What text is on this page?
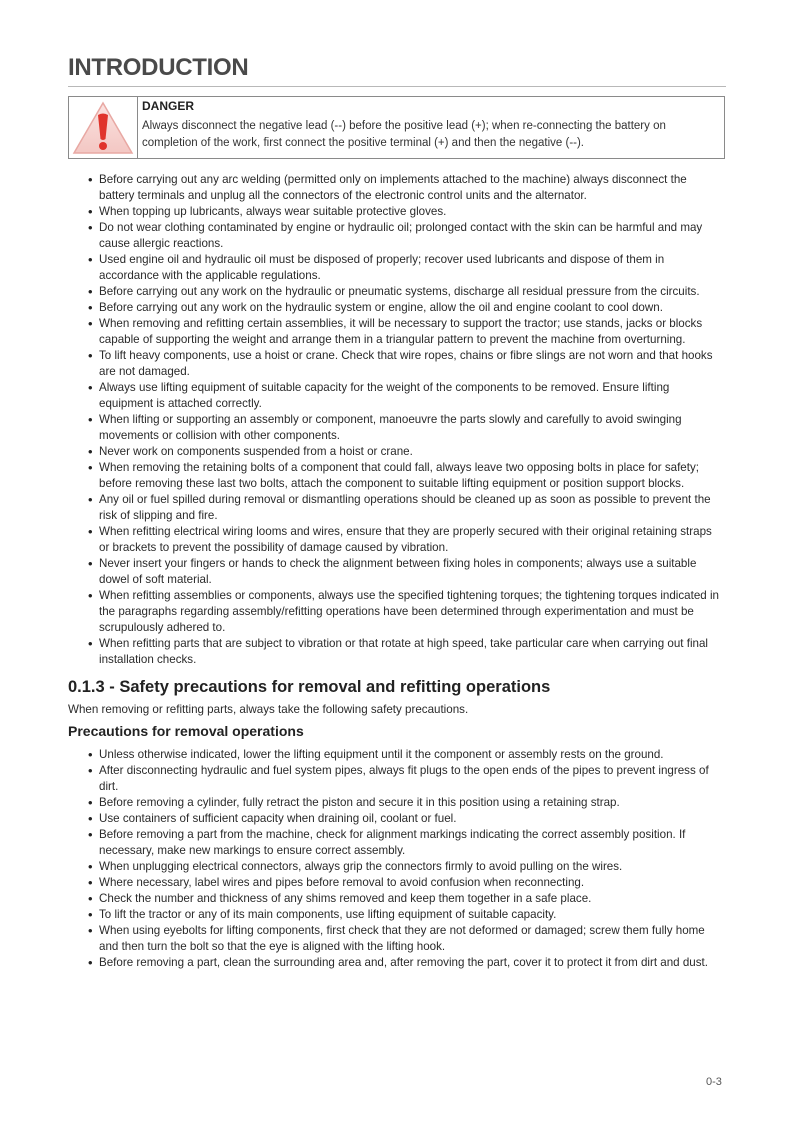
INTRODUCTION

DANGER

Always disconnect the negative lead (--) before the positive lead (+); when re-connecting the battery on completion of the work, first connect the positive terminal (+) and then the negative (--).

• Before carrying out any arc welding (permitted only on implements attached to the machine) always disconnect the battery terminals and unplug all the connectors of the electronic control units and the alternator.
• When topping up lubricants, always wear suitable protective gloves.
• Do not wear clothing contaminated by engine or hydraulic oil; prolonged contact with the skin can be harmful and may cause allergic reactions.
• Used engine oil and hydraulic oil must be disposed of properly; recover used lubricants and dispose of them in accordance with the applicable regulations.
• Before carrying out any work on the hydraulic or pneumatic systems, discharge all residual pressure from the circuits.
• Before carrying out any work on the hydraulic system or engine, allow the oil and engine coolant to cool down.
• When removing and refitting certain assemblies, it will be necessary to support the tractor; use stands, jacks or blocks capable of supporting the weight and arrange them in a triangular pattern to prevent the machine from overturning.
• To lift heavy components, use a hoist or crane. Check that wire ropes, chains or fibre slings are not worn and that hooks are not damaged.
• Always use lifting equipment of suitable capacity for the weight of the components to be removed. Ensure lifting equipment is attached correctly.
• When lifting or supporting an assembly or component, manoeuvre the parts slowly and carefully to avoid swinging movements or collision with other components.
• Never work on components suspended from a hoist or crane.
• When removing the retaining bolts of a component that could fall, always leave two opposing bolts in place for safety; before removing these last two bolts, attach the component to suitable lifting equipment or position support blocks.
• Any oil or fuel spilled during removal or dismantling operations should be cleaned up as soon as possible to prevent the risk of slipping and fire.
• When refitting electrical wiring looms and wires, ensure that they are properly secured with their original retaining straps or brackets to prevent the possibility of damage caused by vibration.
• Never insert your fingers or hands to check the alignment between fixing holes in components; always use a suitable dowel of soft material.
• When refitting assemblies or components, always use the specified tightening torques; the tightening torques indicated in the paragraphs regarding assembly/refitting operations have been determined through experimentation and must be scrupulously adhered to.
• When refitting parts that are subject to vibration or that rotate at high speed, take particular care when carrying out final installation checks.
0.1.3 - Safety precautions for removal and refitting operations

When removing or refitting parts, always take the following safety precautions.

Precautions for removal operations
• Unless otherwise indicated, lower the lifting equipment until it the component or assembly rests on the ground.
• After disconnecting hydraulic and fuel system pipes, always fit plugs to the open ends of the pipes to prevent ingress of dirt.
• Before removing a cylinder, fully retract the piston and secure it in this position using a retaining strap.
• Use containers of sufficient capacity when draining oil, coolant or fuel.
• Before removing a part from the machine, check for alignment markings indicating the correct assembly position. If necessary, make new markings to ensure correct assembly.
• When unplugging electrical connectors, always grip the connectors firmly to avoid pulling on the wires.
• Where necessary, label wires and pipes before removal to avoid confusion when reconnecting.
• Check the number and thickness of any shims removed and keep them together in a safe place.
• To lift the tractor or any of its main components, use lifting equipment of suitable capacity.
• When using eyebolts for lifting components, first check that they are not deformed or damaged; screw them fully home and then turn the bolt so that the eye is aligned with the lifting hook.
• Before removing a part, clean the surrounding area and, after removing the part, cover it to protect it from dirt and dust.
0-3
